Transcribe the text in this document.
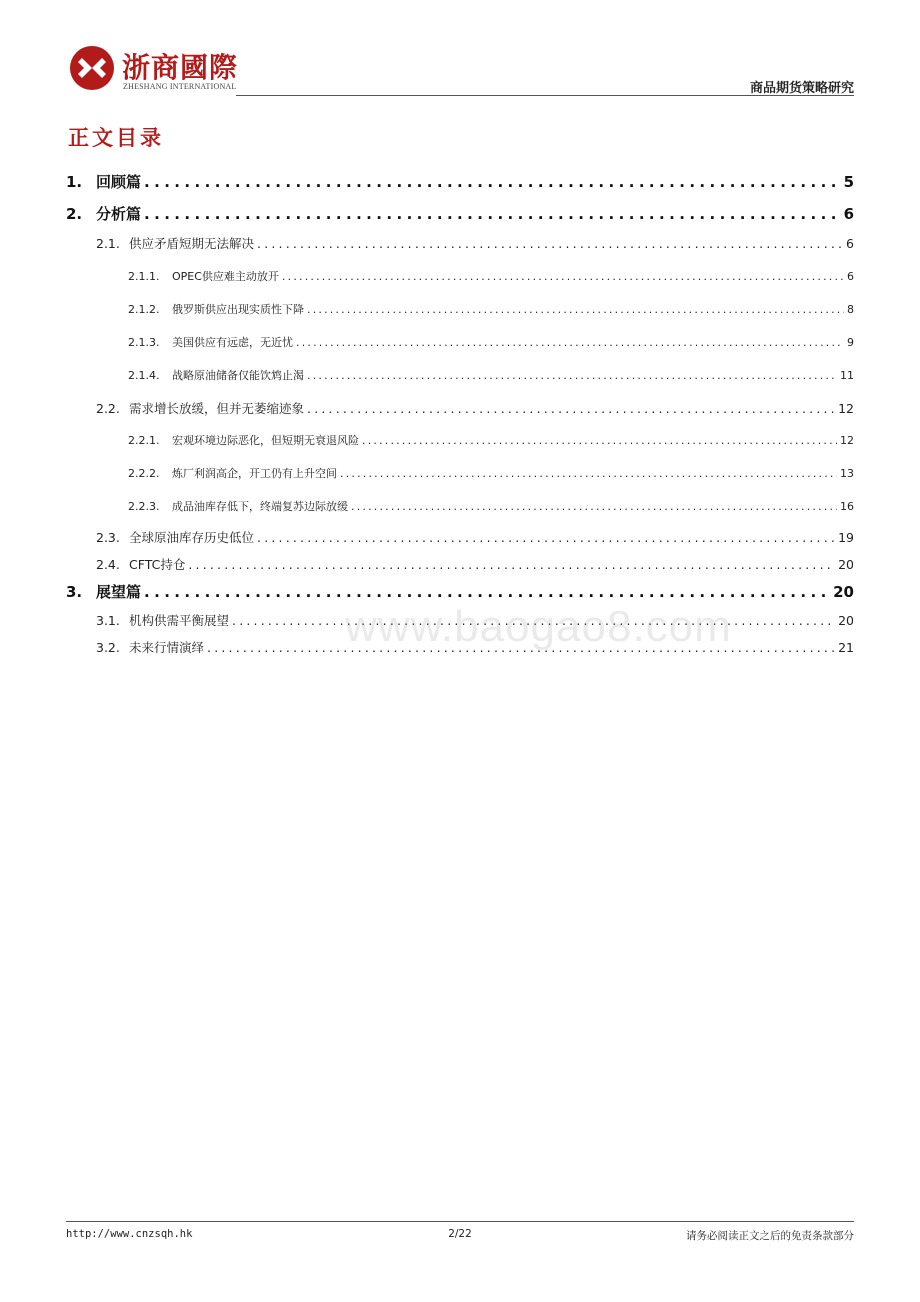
浙商國際
ZHESHANG INTERNATIONAL	商品期货策略研究
正文目录
1. 回顾篇 .....	5
2. 分析篇 .....	6
2.1. 供应矛盾短期无法解决 .....	6
2.1.1.	OPEC供应难主动放开 .....	6
2.1.2.	俄罗斯供应出现实质性下降 .....	8
2.1.3.	美国供应有远虑，无近忧 .....	9
2.1.4.	战略原油储备仅能饮鸩止渴 .....	11
2.2. 需求增长放缓，但并无萎缩迹象 .....	12
2.2.1.	宏观环境边际恶化，但短期无衰退风险 .....	12
2.2.2.	炼厂利润高企，开工仍有上升空间 .....	13
2.2.3.	成品油库存低下，终端复苏边际放缓 .....	16
2.3. 全球原油库存历史低位 .....	19
2.4. CFTC持仓 .....	20
3. 展望篇 .....	20
3.1. 机构供需平衡展望 .....	20
3.2. 未来行情演绎 .....	21
www.baogao8.com
http://www.cnzsqh.hk	2/22	请务必阅读正文之后的免责条款部分
